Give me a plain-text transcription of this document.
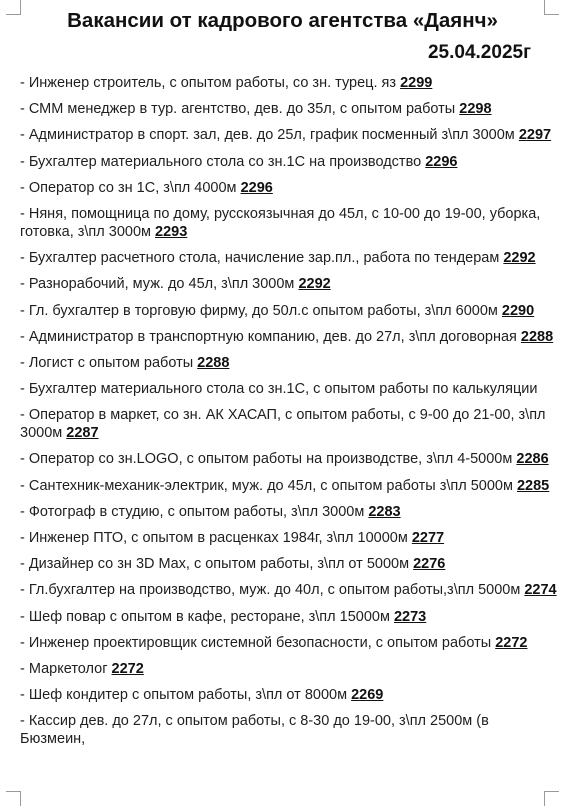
Вакансии от кадрового агентства «Даянч»
25.04.2025г
- Инженер строитель, с опытом работы, со зн. турец. яз 2299
- СММ менеджер в тур. агентство, дев. до 35л, с опытом работы 2298
- Администратор в спорт. зал, дев. до 25л, график посменный з\пл 3000м 2297
- Бухгалтер материального стола со зн.1С на производство 2296
- Оператор со зн 1С, з\пл 4000м 2296
- Няня, помощница по дому, русскоязычная до 45л, с 10-00 до 19-00, уборка, готовка, з\пл 3000м 2293
- Бухгалтер расчетного стола, начисление зар.пл., работа по тендерам 2292
- Разнорабочий, муж. до 45л, з\пл 3000м 2292
- Гл. бухгалтер в торговую фирму, до 50л.с опытом работы, з\пл 6000м 2290
- Администратор в транспортную компанию, дев. до 27л, з\пл договорная 2288
- Логист с опытом работы 2288
- Бухгалтер материального стола со зн.1С, с опытом работы по калькуляции
- Оператор в маркет, со зн. АК ХАСАП, с опытом работы, с 9-00 до 21-00, з\пл 3000м 2287
- Оператор со зн.LOGO, с опытом работы на производстве, з\пл 4-5000м 2286
- Сантехник-механик-электрик, муж. до 45л, с опытом работы з\пл 5000м 2285
- Фотограф в студию, с опытом работы, з\пл 3000м 2283
- Инженер ПТО, с опытом в расценках 1984г, з\пл 10000м 2277
- Дизайнер со зн 3D Max, с опытом работы, з\пл от 5000м 2276
- Гл.бухгалтер на производство, муж. до 40л, с опытом работы,з\пл 5000м 2274
- Шеф повар с опытом в кафе, ресторане, з\пл 15000м 2273
- Инженер проектировщик системной безопасности, с опытом работы 2272
- Маркетолог 2272
- Шеф кондитер с опытом работы, з\пл от 8000м 2269
- Кассир дев. до 27л, с опытом работы, с 8-30 до 19-00, з\пл 2500м (в Бюзмеин,
